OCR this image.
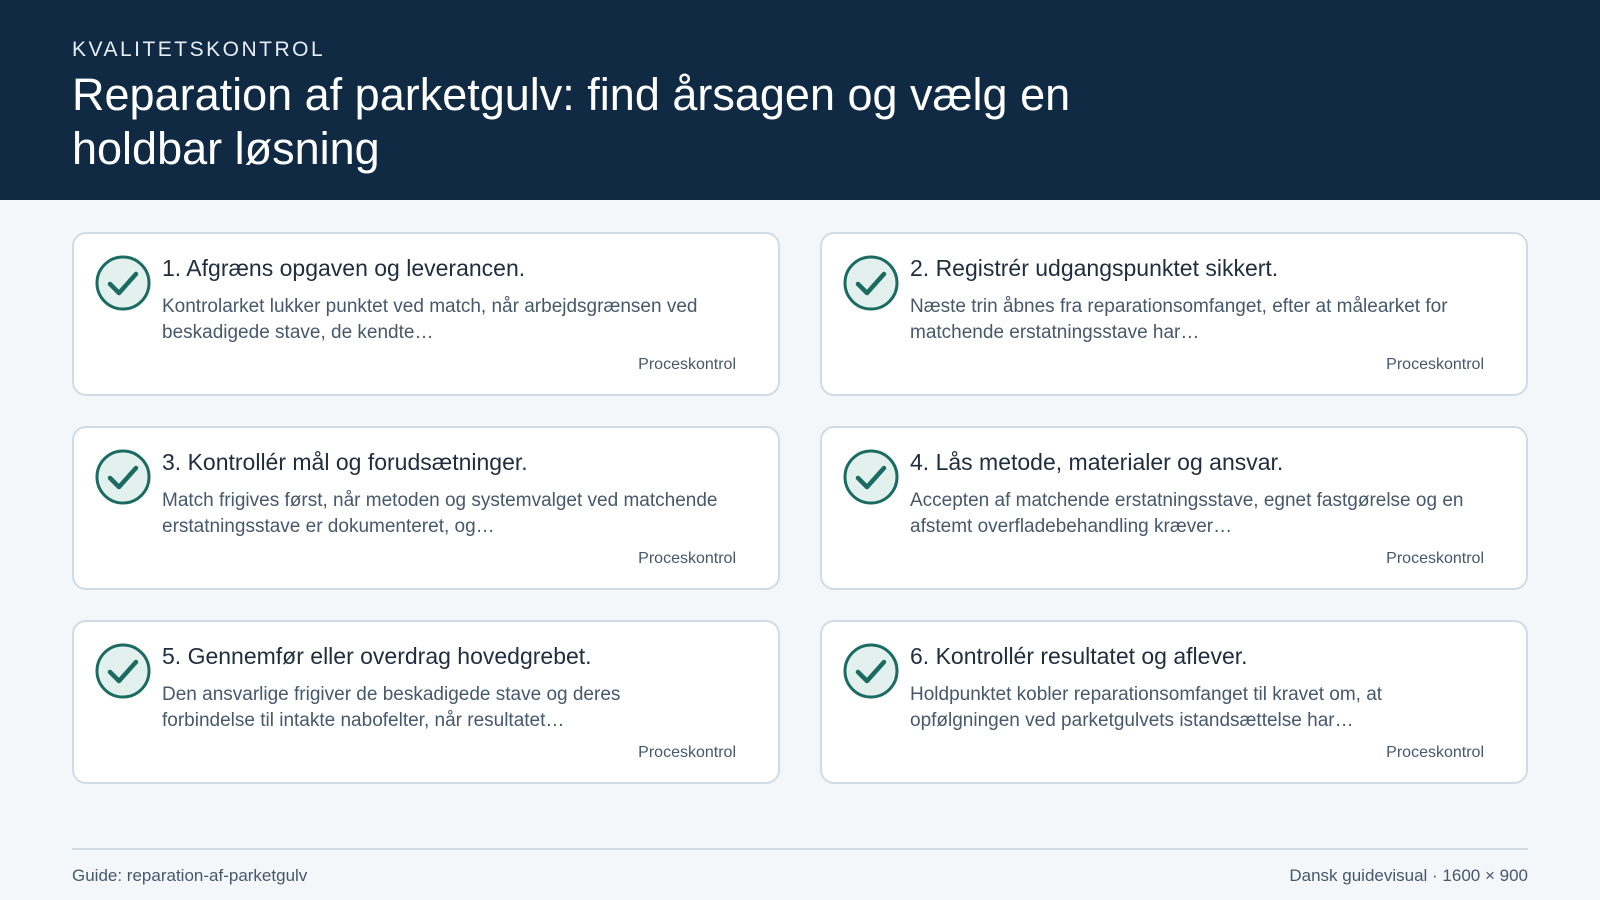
KVALITETSKONTROL
Reparation af parketgulv: find årsagen og vælg en holdbar løsning
1. Afgræns opgaven og leverancen.
Kontrolarket lukker punktet ved match, når arbejdsgrænsen ved beskadigede stave, de kendte…
Proceskontrol
2. Registrér udgangspunktet sikkert.
Næste trin åbnes fra reparationsomfanget, efter at målearket for matchende erstatningsstave har…
Proceskontrol
3. Kontrollér mål og forudsætninger.
Match frigives først, når metoden og systemvalget ved matchende erstatningsstave er dokumenteret, og…
Proceskontrol
4. Lås metode, materialer og ansvar.
Accepten af matchende erstatningsstave, egnet fastgørelse og en afstemt overfladebehandling kræver…
Proceskontrol
5. Gennemfør eller overdrag hovedgrebet.
Den ansvarlige frigiver de beskadigede stave og deres forbindelse til intakte nabofelter, når resultatet…
Proceskontrol
6. Kontrollér resultatet og aflever.
Holdpunktet kobler reparationsomfanget til kravet om, at opfølgningen ved parketgulvets istandsættelse har…
Proceskontrol
Guide: reparation-af-parketgulv	Dansk guidevisual · 1600 × 900
